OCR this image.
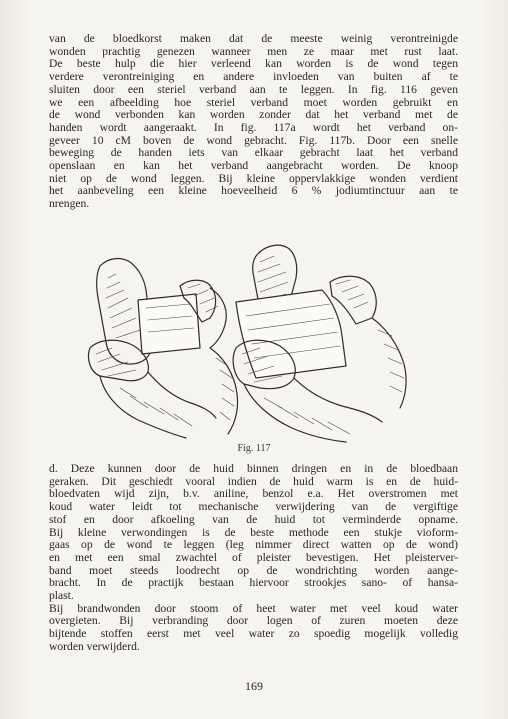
van de bloedkorst maken dat de meeste weinig verontreinigde
wonden prachtig genezen wanneer men ze maar met rust laat.
De beste hulp die hier verleend kan worden is de wond tegen
verdere verontreiniging en andere invloeden van buiten af te
sluiten door een steriel verband aan te leggen. In fig. 116 geven
we een afbeelding hoe steriel verband moet worden gebruikt en
de wond verbonden kan worden zonder dat het verband met de
handen wordt aangeraakt. In fig. 117a wordt het verband on-
geveer 10 cM boven de wond gebracht. Fig. 117b. Door een snelle
beweging de handen iets van elkaar gebracht laat het verband
openslaan en kan het verband aangebracht worden. De knoop
niet op de wond leggen. Bij kleine oppervlakkige wonden verdient
het aanbeveling een kleine hoeveelheid 6 % jodiumtinctuur aan te
nrengen.
Fig. 117
d. Deze kunnen door de huid binnen dringen en in de bloedbaan
geraken. Dit geschiedt vooral indien de huid warm is en de huid-
bloedvaten wijd zijn, b.v. aniline, benzol e.a. Het overstromen met
koud water leidt tot mechanische verwijdering van de vergiftige
stof en door afkoeling van de huid tot verminderde opname.
Bij kleine verwondingen is de beste methode een stukje vioform-
gaas op de wond te leggen (leg nimmer direct watten op de wond)
en met een smal zwachtel of pleister bevestigen. Het pleisterver-
band moet steeds loodrecht op de wondrichting worden aange-
bracht. In de practijk bestaan hiervoor strookjes sano- of hansa-
plast.
Bij brandwonden door stoom of heet water met veel koud water
overgieten. Bij verbranding door logen of zuren moeten deze
bijtende stoffen eerst met veel water zo spoedig mogelijk volledig
worden verwijderd.
169
